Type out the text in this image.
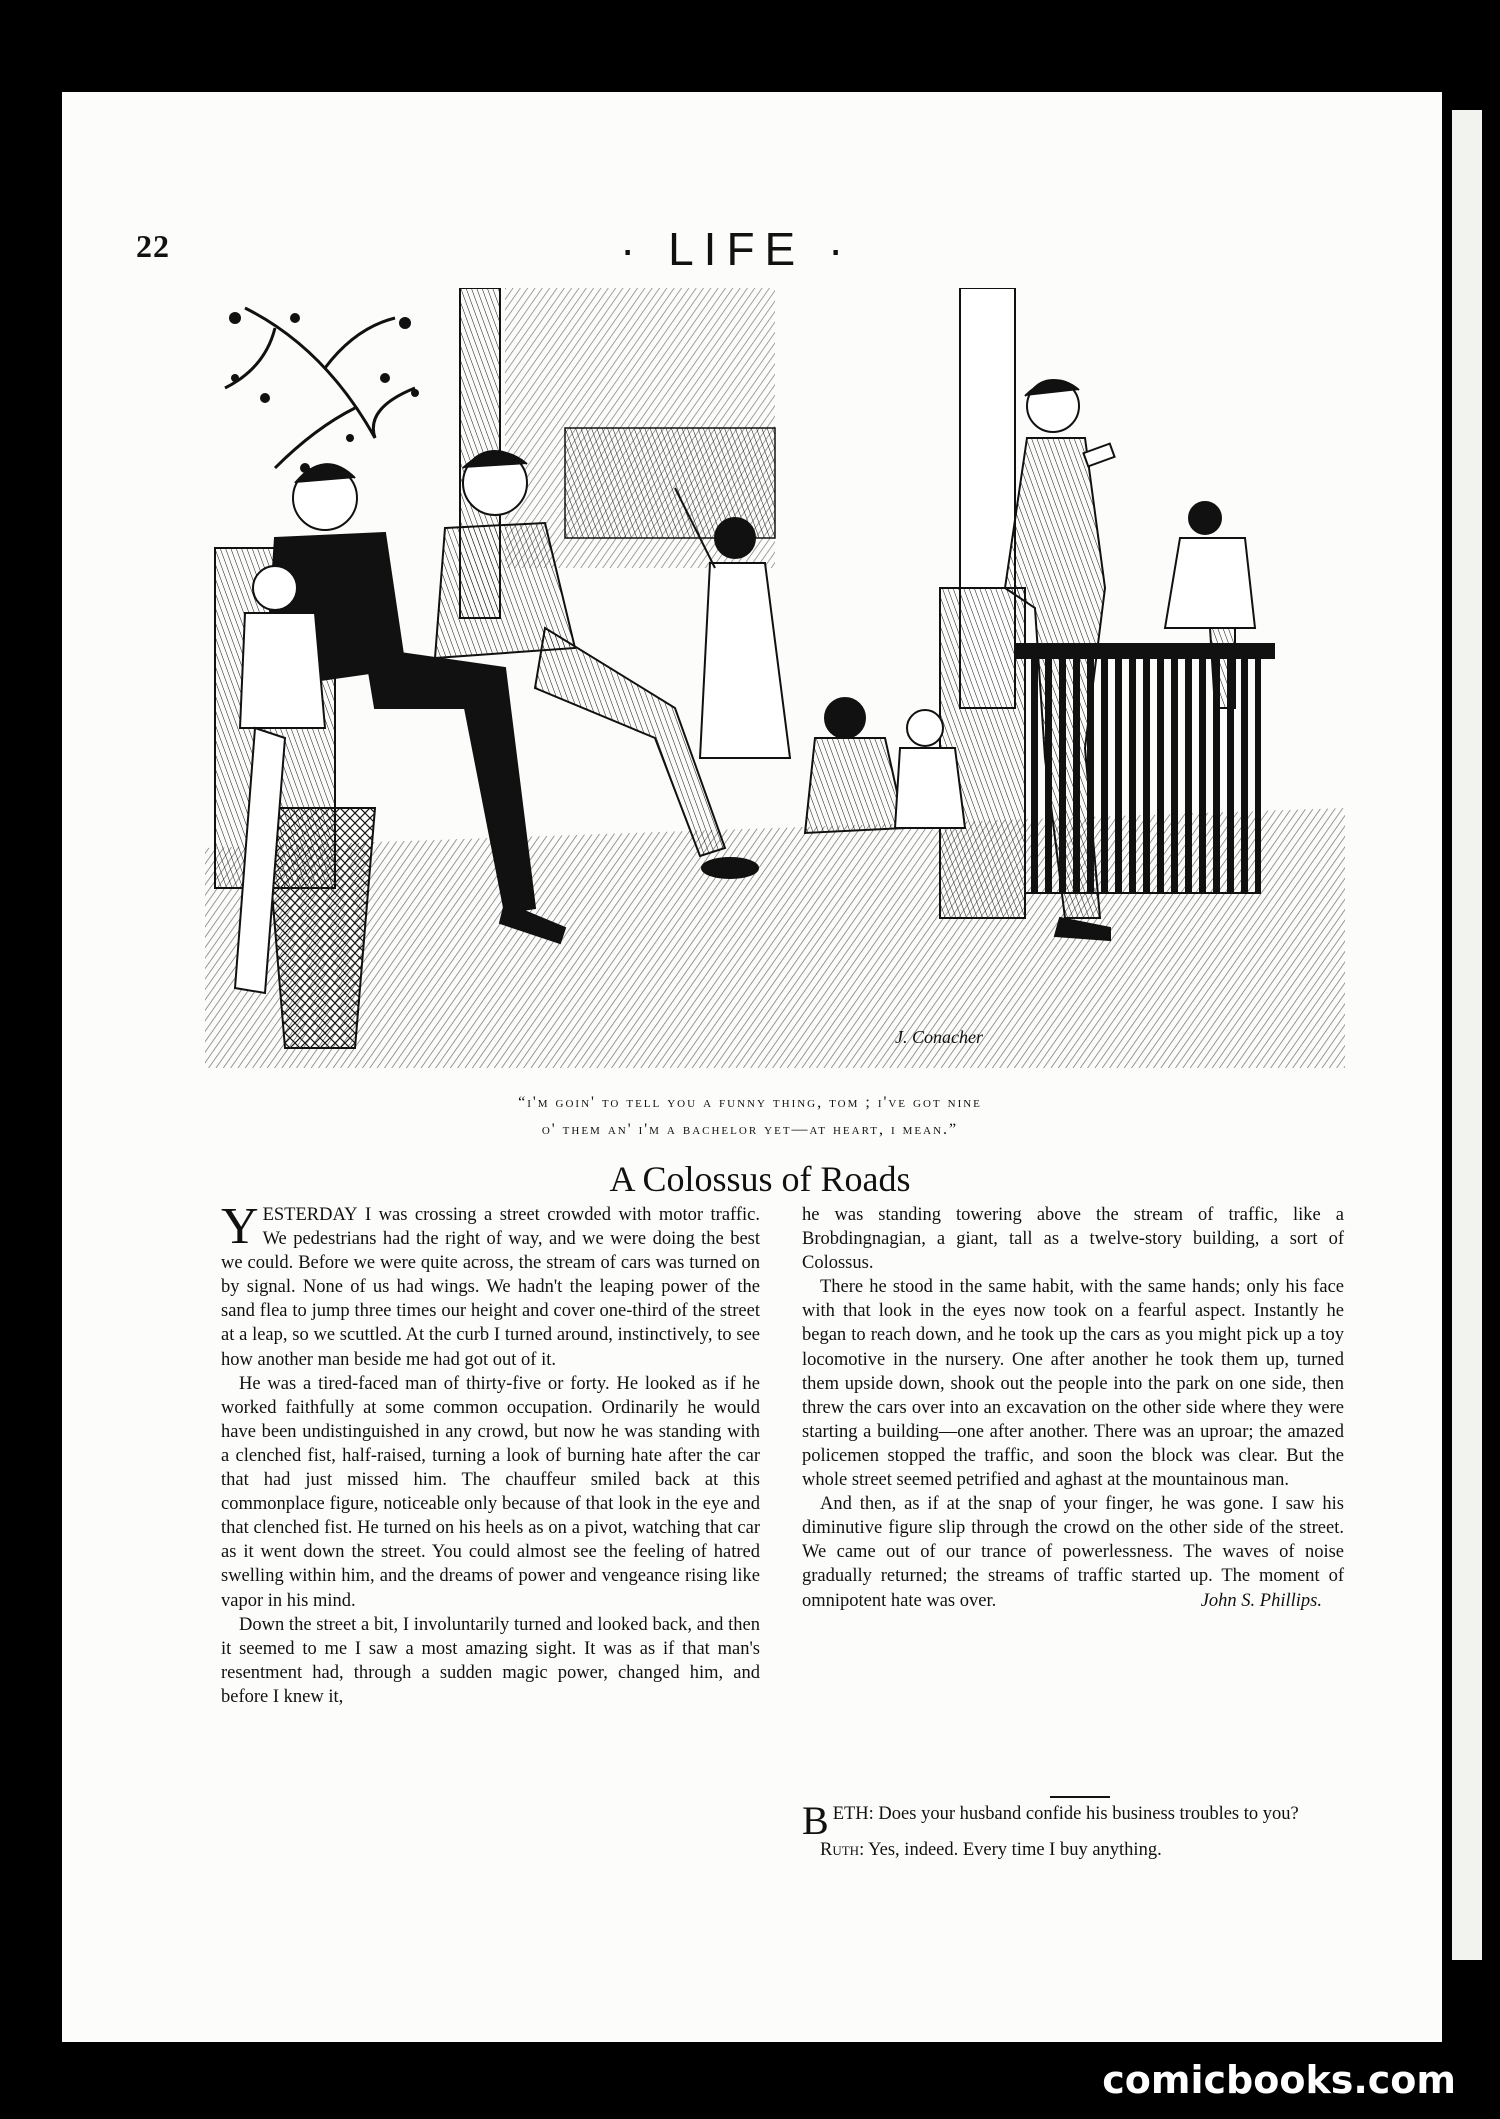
22	· LIFE ·
J. Conacher
“i'm goin' to tell you a funny thing, tom ; i've got nine
o' them an' i'm a bachelor yet—at heart, i mean.”
A Colossus of Roads

YESTERDAY I was crossing a street crowded with motor traffic. We pedestrians had the right of way, and we were doing the best we could. Before we were quite across, the stream of cars was turned on by signal. None of us had wings. We hadn't the leaping power of the sand flea to jump three times our height and cover one-third of the street at a leap, so we scuttled. At the curb I turned around, instinctively, to see how another man beside me had got out of it.

He was a tired-faced man of thirty-five or forty. He looked as if he worked faithfully at some common occupation. Ordinarily he would have been undistinguished in any crowd, but now he was standing with a clenched fist, half-raised, turning a look of burning hate after the car that had just missed him. The chauffeur smiled back at this commonplace figure, noticeable only because of that look in the eye and that clenched fist. He turned on his heels as on a pivot, watching that car as it went down the street. You could almost see the feeling of hatred swelling within him, and the dreams of power and vengeance rising like vapor in his mind.

Down the street a bit, I involuntarily turned and looked back, and then it seemed to me I saw a most amazing sight. It was as if that man's resentment had, through a sudden magic power, changed him, and before I knew it,

he was standing towering above the stream of traffic, like a Brobdingnagian, a giant, tall as a twelve-story building, a sort of Colossus.

There he stood in the same habit, with the same hands; only his face with that look in the eyes now took on a fearful aspect. Instantly he began to reach down, and he took up the cars as you might pick up a toy locomotive in the nursery. One after another he took them up, turned them upside down, shook out the people into the park on one side, then threw the cars over into an excavation on the other side where they were starting a building—one after another. There was an uproar; the amazed policemen stopped the traffic, and soon the block was clear. But the whole street seemed petrified and aghast at the mountainous man.

And then, as if at the snap of your finger, he was gone. I saw his diminutive figure slip through the crowd on the other side of the street. We came out of our trance of powerlessness. The waves of noise gradually returned; the streams of traffic started up. The moment of omnipotent hate was over.	John S. Phillips.

BETH: Does your husband confide his business troubles to you?

Ruth: Yes, indeed. Every time I buy anything.

comicbooks.com
